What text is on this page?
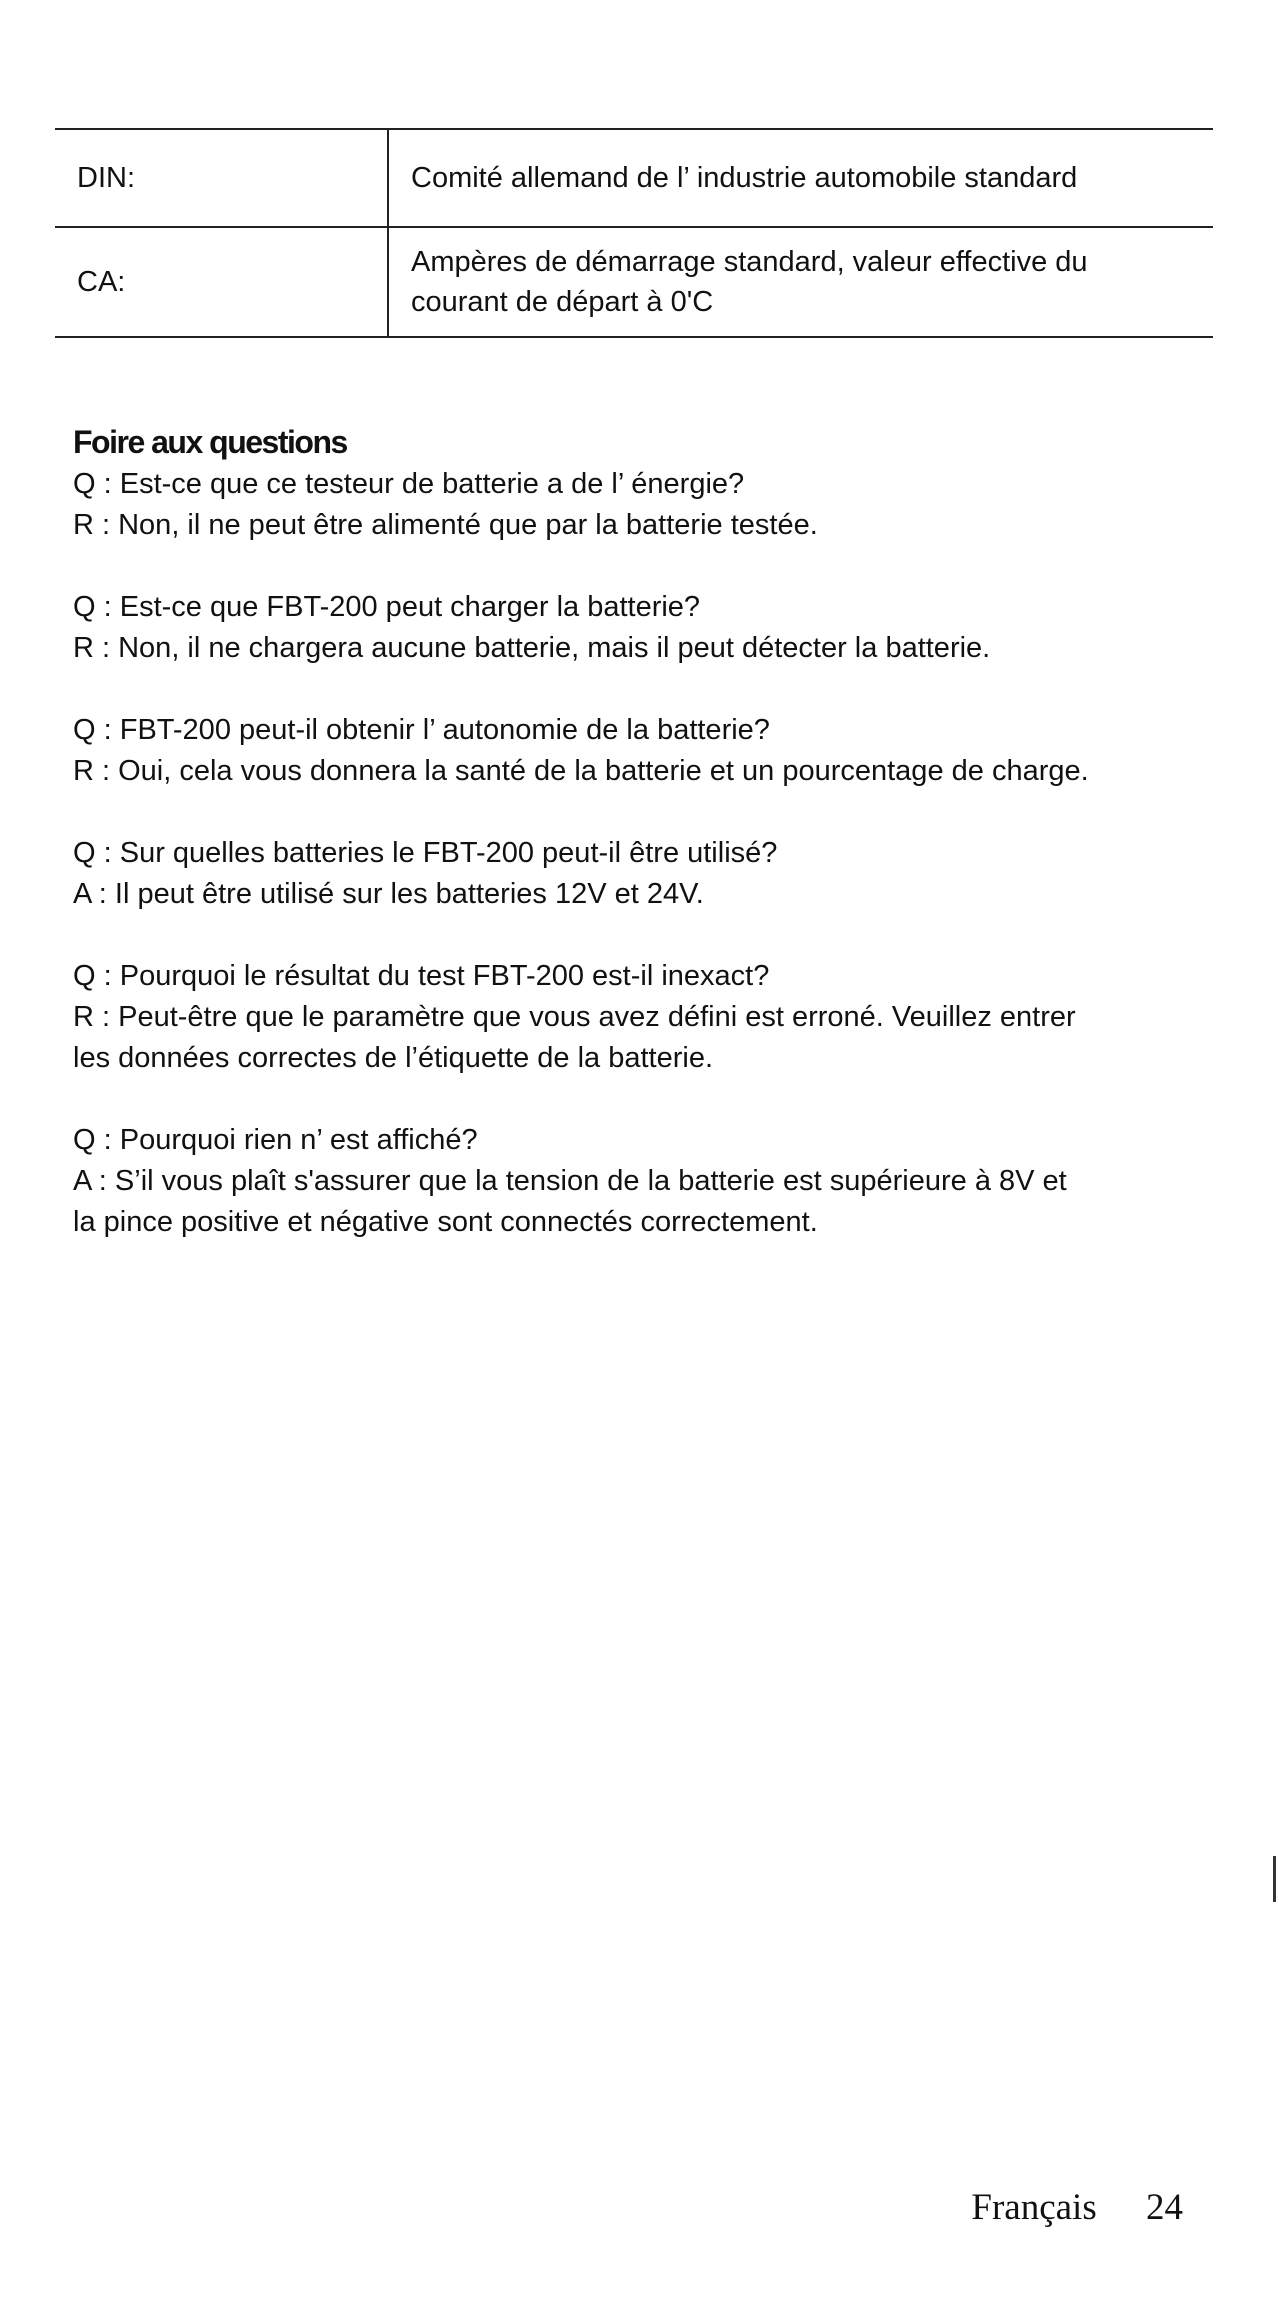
DIN:	Comité allemand de l’ industrie automobile standard
CA:	Ampères de démarrage standard, valeur effective du
courant de départ à 0'C
Foire aux questions

Q : Est-ce que ce testeur de batterie a de l’ énergie?

R : Non, il ne peut être alimenté que par la batterie testée.

Q : Est-ce que FBT-200 peut charger la batterie?

R : Non, il ne chargera aucune batterie, mais il peut détecter la batterie.

Q : FBT-200 peut-il obtenir l’ autonomie de la batterie?

R : Oui, cela vous donnera la santé de la batterie et un pourcentage de charge.

Q : Sur quelles batteries le FBT-200 peut-il être utilisé?

A : Il peut être utilisé sur les batteries 12V et 24V.

Q : Pourquoi le résultat du test FBT-200 est-il inexact?

R : Peut-être que le paramètre que vous avez défini est erroné. Veuillez entrer

les données correctes de l’étiquette de la batterie.

Q : Pourquoi rien n’ est affiché?

A : S’il vous plaît s'assurer que la tension de la batterie est supérieure à 8V et

la pince positive et négative sont connectés correctement.

Français 24
